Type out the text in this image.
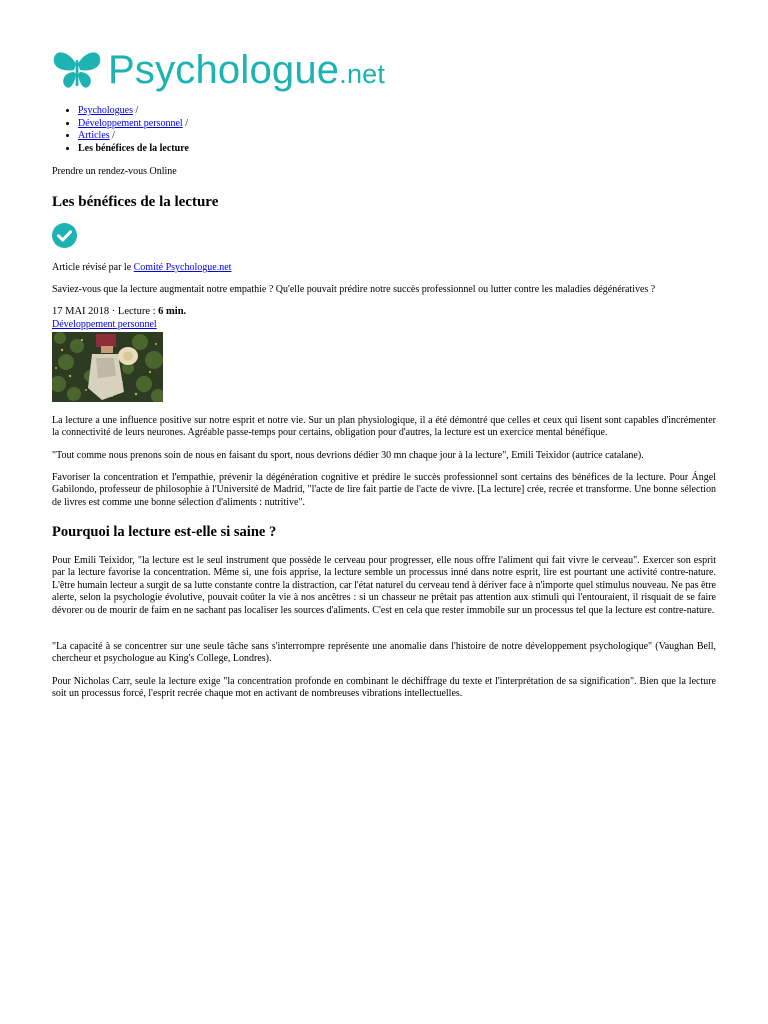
Psychologue.net
• Psychologues /
• Développement personnel /
• Articles /
• Les bénéfices de la lecture
Prendre un rendez-vous Online
Les bénéfices de la lecture
Article révisé par le Comité Psychologue.net
Saviez-vous que la lecture augmentait notre empathie ? Qu'elle pouvait prédire notre succès professionnel ou lutter contre les maladies dégénératives ?
17 MAI 2018 · Lecture : 6 min.
Développement personnel

La lecture a une influence positive sur notre esprit et notre vie. Sur un plan physiologique, il a été démontré que celles et ceux qui lisent sont capables d'incrémenter la connectivité de leurs neurones. Agréable passe-temps pour certains, obligation pour d'autres, la lecture est un exercice mental bénéfique.

"Tout comme nous prenons soin de nous en faisant du sport, nous devrions dédier 30 mn chaque jour à la lecture", Emili Teixidor (autrice catalane).

Favoriser la concentration et l'empathie, prévenir la dégénération cognitive et prédire le succès professionnel sont certains des bénéfices de la lecture. Pour Ángel Gabilondo, professeur de philosophie à l'Université de Madrid, "l'acte de lire fait partie de l'acte de vivre. [La lecture] crée, recrée et transforme. Une bonne sélection de livres est comme une bonne sélection d'aliments : nutritive".

Pourquoi la lecture est-elle si saine ?

Pour Emili Teixidor, "la lecture est le seul instrument que possède le cerveau pour progresser, elle nous offre l'aliment qui fait vivre le cerveau". Exercer son esprit par la lecture favorise la concentration. Même si, une fois apprise, la lecture semble un processus inné dans notre esprit, lire est pourtant une activité contre-nature. L'être humain lecteur a surgit de sa lutte constante contre la distraction, car l'état naturel du cerveau tend à dériver face à n'importe quel stimulus nouveau. Ne pas être alerte, selon la psychologie évolutive, pouvait coûter la vie à nos ancêtres : si un chasseur ne prêtait pas attention aux stimuli qui l'entouraient, il risquait de se faire dévorer ou de mourir de faim en ne sachant pas localiser les sources d'aliments. C'est en cela que rester immobile sur un processus tel que la lecture est contre-nature.

"La capacité à se concentrer sur une seule tâche sans s'interrompre représente une anomalie dans l'histoire de notre développement psychologique" (Vaughan Bell, chercheur et psychologue au King's College, Londres).

Pour Nicholas Carr, seule la lecture exige "la concentration profonde en combinant le déchiffrage du texte et l'interprétation de sa signification". Bien que la lecture soit un processus forcé, l'esprit recrée chaque mot en activant de nombreuses vibrations intellectuelles.
